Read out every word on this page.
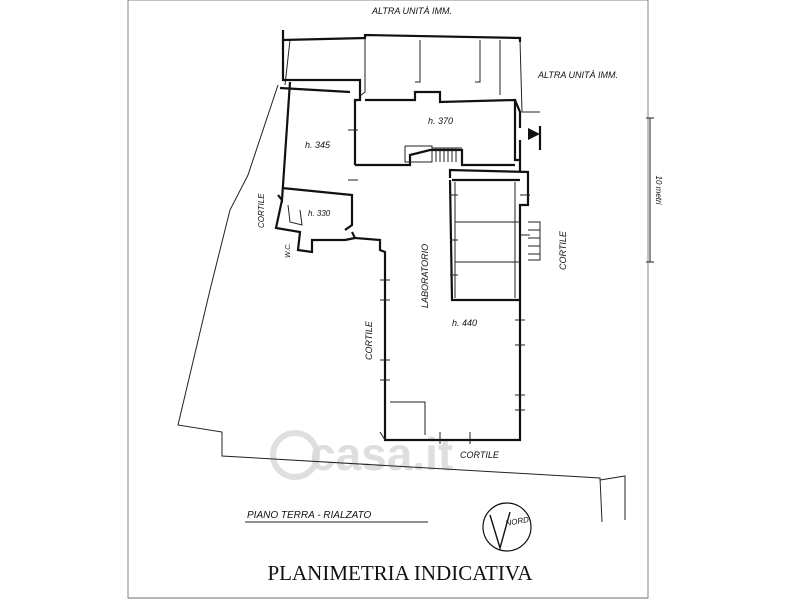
10 metri
casa.it
ALTRA UNITÀ IMM.
ALTRA UNITÀ IMM.
h. 370
h. 345
h. 330
h. 440
LABORATORIO
W.C.
CORTILE
CORTILE
CORTILE
CORTILE
PIANO TERRA - RIALZATO	NORD
PLANIMETRIA INDICATIVA
